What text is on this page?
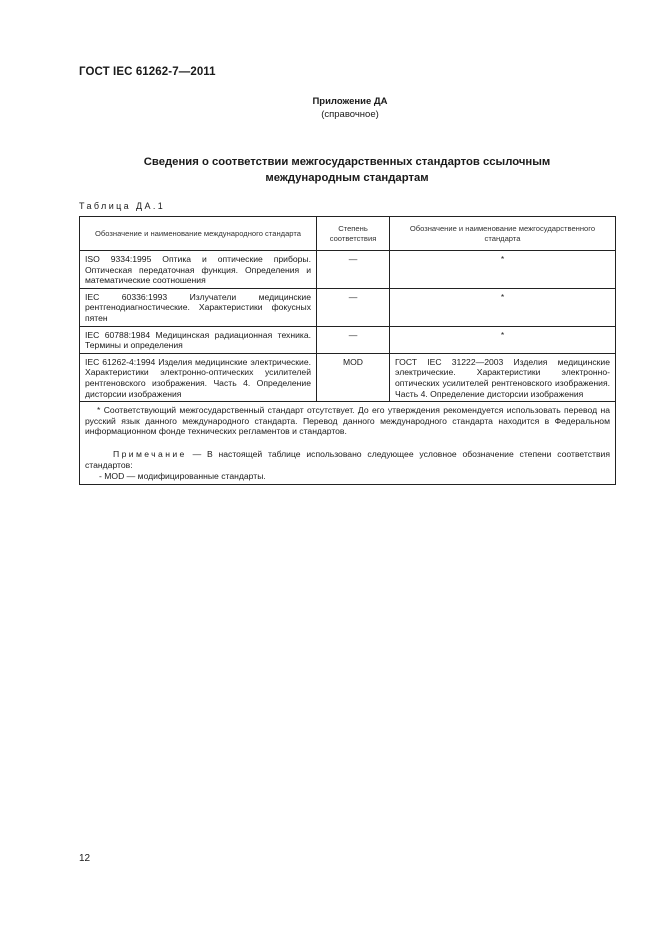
ГОСТ IEC 61262-7—2011
Приложение ДА
(справочное)
Сведения о соответствии межгосударственных стандартов ссылочным
международным стандартам
Таблица ДА.1
Обозначение и наименование международного стандарта	Степень соответствия	Обозначение и наименование межгосударственного стандарта
ISO 9334:1995 Оптика и оптические приборы. Оптическая передаточная функция. Определения и математические соотношения	—	*
IEC 60336:1993 Излучатели медицинские рентгенодиагностические. Характеристики фокусных пятен	—	*
IEC 60788:1984 Медицинская радиационная техника. Термины и определения	—	*
IEC 61262-4:1994 Изделия медицинские электрические. Характеристики электронно-оптических усилителей рентгеновского изображения. Часть 4. Определение дисторсии изображения	MOD	ГОСТ IEC 31222—2003 Изделия медицинские электрические. Характеристики электронно-оптических усилителей рентгеновского изображения. Часть 4. Определение дисторсии изображения

* Соответствующий межгосударственный стандарт отсутствует. До его утверждения рекомендуется использовать перевод на русский язык данного международного стандарта. Перевод данного международного стандарта находится в Федеральном информационном фонде технических регламентов и стандартов.
Примечание — В настоящей таблице использовано следующее условное обозначение степени соответствия стандартов:
- MOD — модифицированные стандарты.		
12
